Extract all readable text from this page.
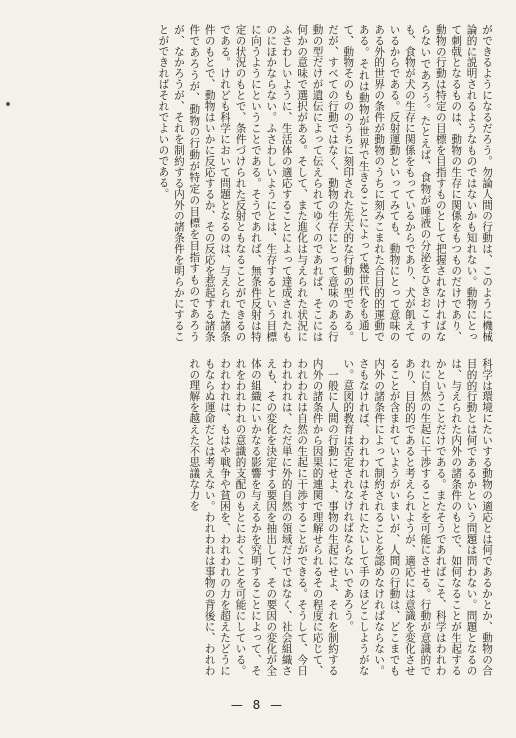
ができるようになるだろう。勿論人間の行動は、このように機械論的に説明されるようなものではないかも知れない。動物にとって刺戟となるものは、動物の生存に関係をもつものだけであり、動物の行動は特定の目標を目指すものとして把握されなければならないであろう。たとえば、食物が唾液の分泌をひきおこすのも、食物が犬の生存に関係をもっているからであり、犬が飢えているからである。反射運動といってみても、動物にとって意味のある外的世界の条件が動物のうちに刻みこまれた合目的的運動である。それは動物が世界で生きることによって幾世代をも通して、動物そのもののうちに刻印された先天的な行動の型である。だが、すべての行動ではなく、動物の生存にとって意味のある行動の型だけが遺伝によって伝えられてゆくのであれば、そこには何かの意味で選択がある。そして、また進化は与えられた状況にふさわしいように、生活体の適応することによって達成されたものにほかならない。ふさわしいようにとは、生存するという目標に向うようにということである。そうであれば、無条件反射は特定の状況のもとで、条件づけられた反射ともなることができるのである。けれども科学において問題となるのは、与えられた諸条件のもとで、動物はいかに反応するか、その反応を惹起する諸条件であろうが、動物の行動が特定の目標を目指すものであろうが、なかろうが、それを制約する内外の諸条件を明らかにすることができればそれでよいのである。
科学は環境にたいする動物の適応とは何であるかとか、動物の合目的的行動とは何であるかという問題は問わない。問題となるのは、与えられた内外の諸条件のもとで、如何なることが生起するかということだけである。またそうであればこそ、科学はわれわれに自然の生起に干渉することを可能にさせる。行動が意識的であり、目的的であると考えられようが、適応には意識を変化させることが含まれていようがいまいが、人間の行動は、どこまでも内外の諸条件によって制約されることを認めなければならない。さもなければ、われわれはそれにたいして手のほどこしようがない。意図的教育は否定されなければならないであろう。
　一般に人間の行動にせよ、事物の生起にせよ、それを制約する内外の諸条件から因果的連関で理解せられるその程度に応じて、われわれは自然の生起に干渉することができる。そうして、今日われわれは、ただ単に外的自然の領域だけではなく、社会組織さえも、その変化を決定する要因を抽出して、その要因の変化が全体の組織にいかなる影響を与えるかを究明することによって、それをわれわれの意識的支配のもとにおくことを可能にしている。われわれは、もはや戦争や貧困を、われわれの力を超えたどうにもならぬ運命だとは考えない。われわれは事物の背後に、われわれの理解を越えた不思議な力を
— 8 —
